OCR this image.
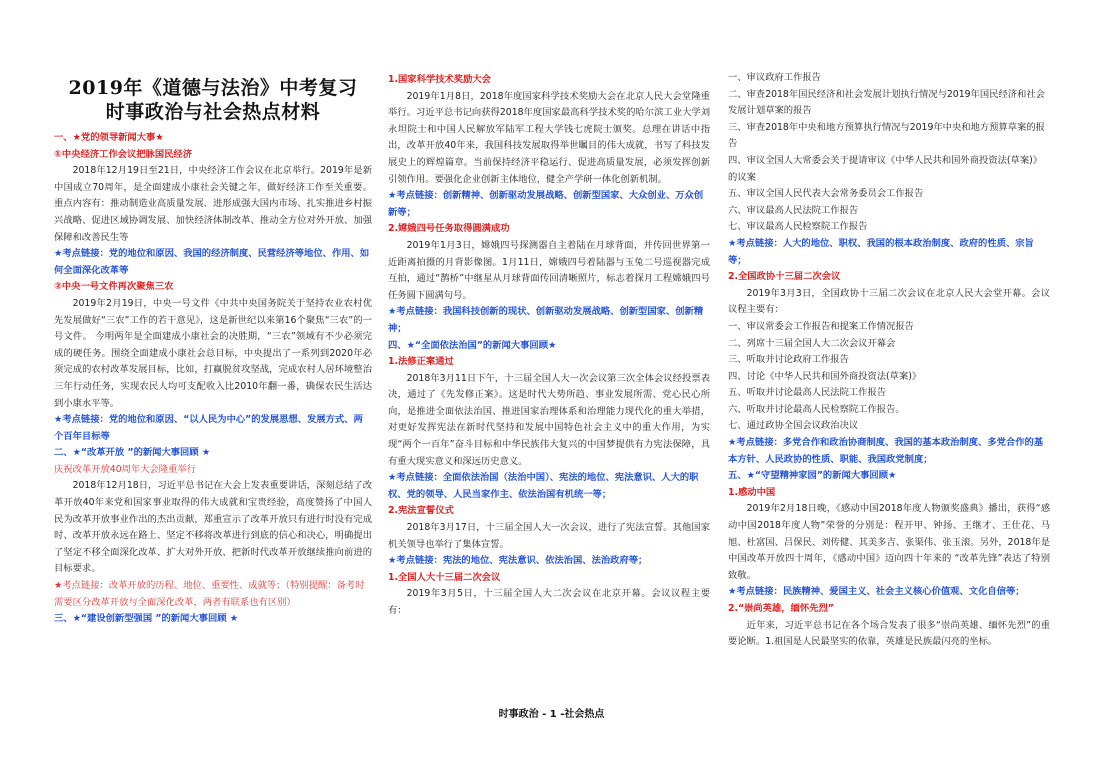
2019年《道德与法治》中考复习
时事政治与社会热点材料

一、★党的领导新闻大事★

①中央经济工作会议把脉国民经济

2018年12月19日至21日，中央经济工作会议在北京举行。2019年是新中国成立70周年，是全面建成小康社会关键之年，做好经济工作至关重要。重点内容有：推动制造业高质量发展、进形成强大国内市场、扎实推进乡村振兴战略、促进区域协调发展、加快经济体制改革、推动全方位对外开放、加强保障和改善民生等

★考点链接：党的地位和原因、我国的经济制度、民营经济等地位、作用、如何全面深化改革等

②中央一号文件再次聚焦三农

2019年2月19日，中央一号文件《中共中央国务院关于坚持农业农村优先发展做好“三农”工作的若干意见》，这是新世纪以来第16个聚焦“三农”的一号文件。 今明两年是全面建成小康社会的决胜期，“三农”领域有不少必须完成的硬任务。围绕全面建成小康社会总目标，中央提出了一系列到2020年必须完成的农村改革发展目标，比如，打赢脱贫攻坚战，完成农村人居环境整治三年行动任务，实现农民人均可支配收入比2010年翻一番，确保农民生活达到小康水平等。

★考点链接：党的地位和原因、“以人民为中心”的发展思想、发展方式、两个百年目标等

二、★“改革开放 ”的新闻大事回顾 ★

庆祝改革开放40周年大会隆重举行

2018年12月18日，习近平总书记在大会上发表重要讲话，深刻总结了改革开放40年来党和国家事业取得的伟大成就和宝贵经验，高度赞扬了中国人民为改革开放事业作出的杰出贡献，郑重宣示了改革开放只有进行时没有完成时、改革开放永远在路上、坚定不移将改革进行到底的信心和决心，明确提出了坚定不移全面深化改革、扩大对外开放、把新时代改革开放继续推向前进的目标要求。

★考点链接：改革开放的历程、地位、重要性、成就等；（特别提醒：备考时需要区分改革开放与全面深化改革，两者有联系也有区别）

三、★“建设创新型强国 ”的新闻大事回顾 ★

1.国家科学技术奖励大会

2019年1月8日，2018年度国家科学技术奖励大会在北京人民大会堂隆重举行。习近平总书记向获得2018年度国家最高科学技术奖的哈尔滨工业大学刘永坦院士和中国人民解放军陆军工程大学钱七虎院士颁奖。总理在讲话中指出，改革开放40年来，我国科技发展取得举世瞩目的伟大成就，书写了科技发展史上的辉煌篇章。当前保持经济平稳运行、促进高质量发展，必须发挥创新引领作用。要强化企业创新主体地位，健全产学研一体化创新机制。

★考点链接：创新精神、创新驱动发展战略、创新型国家、大众创业、万众创新等；

2.嫦娥四号任务取得圆满成功

2019年1月3日，嫦娥四号探测器自主着陆在月球背面，并传回世界第一近距离拍摄的月背影像图。1月11日，嫦娥四号着陆器与玉兔二号巡视器完成互拍，通过“鹊桥”中继星从月球背面传回清晰照片，标志着探月工程嫦娥四号任务圆下圆满句号。

★考点链接：我国科技创新的现状、创新驱动发展战略、创新型国家、创新精神；

四、★“全面依法治国”的新闻大事回顾★

1.法修正案通过

2018年3月11日下午，十三届全国人大一次会议第三次全体会议经投票表决，通过了《先发修正案》。这是时代大势所趋、事业发展所需、党心民心所向，是推进全面依法治国、推进国家治理体系和治理能力现代化的重大举措，对更好发挥宪法在新时代坚持和发展中国特色社会主义中的重大作用，为实现“两个一百年”奋斗目标和中华民族伟大复兴的中国梦提供有力宪法保障，具有重大现实意义和深远历史意义。

★考点链接：全面依法治国（法治中国）、宪法的地位、宪法意识、人大的职权、党的领导、人民当家作主、依法治国有机统一等；

2.宪法宣誓仪式

2018年3月17日，十三届全国人大一次会议，进行了宪法宣誓。其他国家机关领导也举行了集体宣誓。

★考点链接：宪法的地位、宪法意识、依法治国、法治政府等；

1.全国人大十三届二次会议

2019年3月5日，十三届全国人大二次会议在北京开幕。会议议程主要有：

一、审议政府工作报告

二、审查2018年国民经济和社会发展计划执行情况与2019年国民经济和社会发展计划草案的报告

三、审查2018年中央和地方预算执行情况与2019年中央和地方预算草案的报告

四、审议全国人大常委会关于提请审议《中华人民共和国外商投资法(草案)》的议案

五、审议全国人民代表大会常务委员会工作报告

六、审议最高人民法院工作报告

七、审议最高人民检察院工作报告

★考点链接：人大的地位、职权、我国的根本政治制度、政府的性质、宗旨等；

2.全国政协十三届二次会议

2019年3月3日，全国政协十三届二次会议在北京人民大会堂开幕。会议议程主要有：

一、审议常委会工作报告和提案工作情况报告

二、列席十三届全国人大二次会议开幕会

三、听取并讨论政府工作报告

四、讨论《中华人民共和国外商投资法(草案)》

五、听取并讨论最高人民法院工作报告

六、听取并讨论最高人民检察院工作报告。

七、通过政协全国会议政治决议

★考点链接：多党合作和政治协商制度、我国的基本政治制度、多党合作的基本方针、人民政协的性质、职能、我国政党制度；

五、★“守望精神家园”的新闻大事回顾★

1.感动中国

2019年2月18日晚，《感动中国2018年度人物颁奖盛典》播出，获得“感动中国2018年度人物”荣誉的分别是：程开甲、钟扬、王继才、王仕花、马旭、杜富国、吕保民、刘传健、其美多吉、张渠伟、张玉滚。另外，2018年是中国改革开放四十周年，《感动中国》迈向四十年来的 “改革先锋”表达了特别致敬。

★考点链接：民族精神、爱国主义、社会主义核心价值观、文化自信等；

2.“崇尚英雄，缅怀先烈”

近年来，习近平总书记在各个场合发表了很多“崇尚英雄、缅怀先烈”的重要论断。1.祖国是人民最坚实的依靠，英雄是民族最闪亮的坐标。

时事政治 - 1 -社会热点
